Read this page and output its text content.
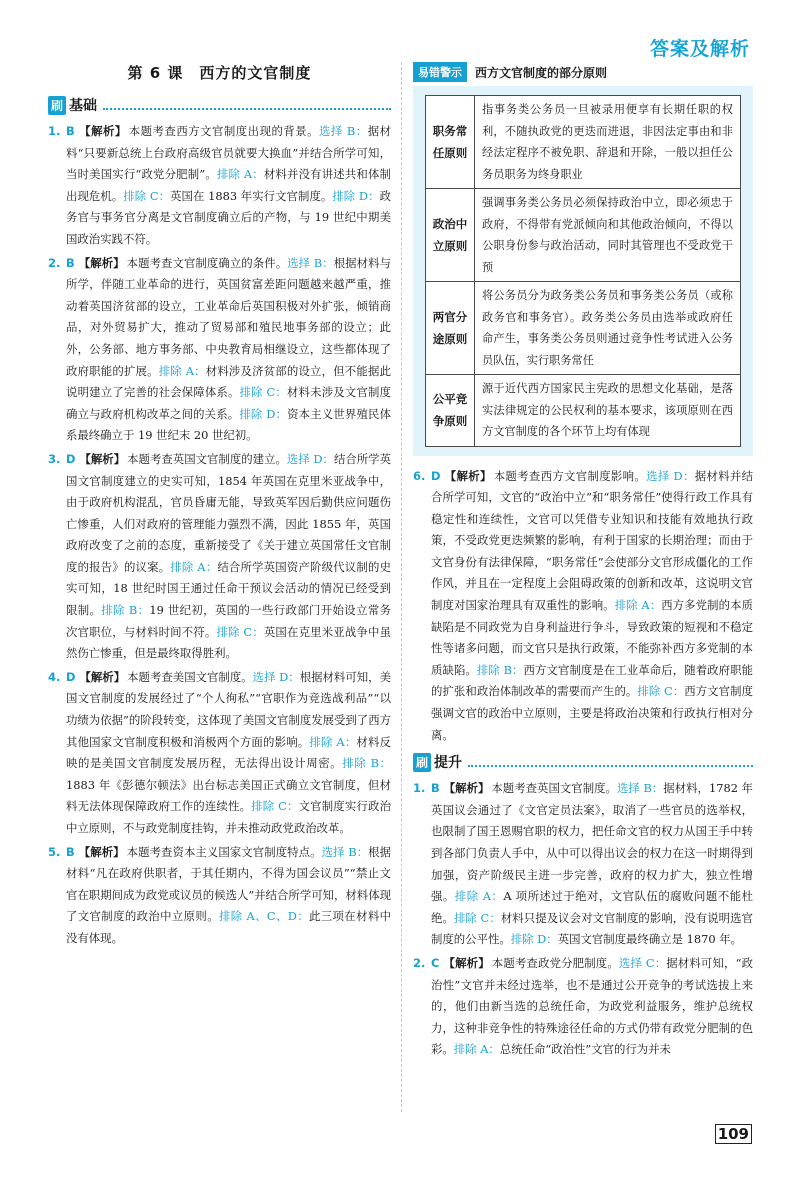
答案及解析
第 6 课　西方的文官制度
刷 基础
1. B 【解析】 本题考查西方文官制度出现的背景。选择 B：据材料“只要新总统上台政府高级官员就要大换血”并结合所学可知，当时美国实行“政党分肥制”。排除 A：材料并没有讲述共和体制出现危机。排除 C：英国在 1883 年实行文官制度。排除 D：政务官与事务官分离是文官制度确立后的产物，与 19 世纪中期美国政治实践不符。
2. B 【解析】 本题考查文官制度确立的条件。选择 B：根据材料与所学，伴随工业革命的进行，英国贫富差距问题越来越严重，推动着英国济贫部的设立，工业革命后英国积极对外扩张，倾销商品，对外贸易扩大，推动了贸易部和殖民地事务部的设立；此外，公务部、地方事务部、中央教育局相继设立，这些都体现了政府职能的扩展。排除 A：材料涉及济贫部的设立，但不能据此说明建立了完善的社会保障体系。排除 C：材料未涉及文官制度确立与政府机构改革之间的关系。排除 D：资本主义世界殖民体系最终确立于 19 世纪末 20 世纪初。
3. D 【解析】 本题考查英国文官制度的建立。选择 D：结合所学英国文官制度建立的史实可知，1854 年英国在克里米亚战争中，由于政府机构混乱，官员昏庸无能，导致英军因后勤供应问题伤亡惨重，人们对政府的管理能力强烈不满，因此 1855 年，英国政府改变了之前的态度，重新接受了《关于建立英国常任文官制度的报告》的议案。排除 A：结合所学英国资产阶级代议制的史实可知，18 世纪时国王通过任命干预议会活动的情况已经受到限制。排除 B：19 世纪初，英国的一些行政部门开始设立常务次官职位，与材料时间不符。排除 C：英国在克里米亚战争中虽然伤亡惨重，但是最终取得胜利。
4. D 【解析】 本题考查美国文官制度。选择 D：根据材料可知，美国文官制度的发展经过了“个人徇私”“官职作为竞选战利品”“以功绩为依据”的阶段转变，这体现了美国文官制度发展受到了西方其他国家文官制度积极和消极两个方面的影响。排除 A：材料反映的是美国文官制度发展历程，无法得出设计周密。排除 B：1883 年《彭德尔顿法》出台标志美国正式确立文官制度，但材料无法体现保障政府工作的连续性。排除 C：文官制度实行政治中立原则，不与政党制度挂钩，并未推动政党政治改革。
5. B 【解析】 本题考查资本主义国家文官制度特点。选择 B：根据材料“凡在政府供职者，于其任期内，不得为国会议员”“禁止文官在职期间成为政党或议员的候选人”并结合所学可知，材料体现了文官制度的政治中立原则。排除 A、C、D：此三项在材料中没有体现。
易错警示	西方文官制度的部分原则
职务常任原则	指事务类公务员一旦被录用便享有长期任职的权利，不随执政党的更迭而进退，非因法定事由和非经法定程序不被免职、辞退和开除，一般以担任公务员职务为终身职业
政治中立原则	强调事务类公务员必须保持政治中立，即必须忠于政府，不得带有党派倾向和其他政治倾向，不得以公职身份参与政治活动，同时其管理也不受政党干预
两官分途原则	将公务员分为政务类公务员和事务类公务员（或称政务官和事务官）。政务类公务员由选举或政府任命产生，事务类公务员则通过竞争性考试进入公务员队伍，实行职务常任
公平竞争原则	源于近代西方国家民主宪政的思想文化基础，是落实法律规定的公民权利的基本要求，该项原则在西方文官制度的各个环节上均有体现
6. D 【解析】 本题考查西方文官制度影响。选择 D：据材料并结合所学可知，文官的“政治中立”和“职务常任”使得行政工作具有稳定性和连续性，文官可以凭借专业知识和技能有效地执行政策，不受政党更迭频繁的影响，有利于国家的长期治理；而由于文官身份有法律保障，“职务常任”会使部分文官形成僵化的工作作风，并且在一定程度上会阻碍政策的创新和改革，这说明文官制度对国家治理具有双重性的影响。排除 A：西方多党制的本质缺陷是不同政党为自身利益进行争斗，导致政策的短视和不稳定性等诸多问题，而文官只是执行政策，不能弥补西方多党制的本质缺陷。排除 B：西方文官制度是在工业革命后，随着政府职能的扩张和政治体制改革的需要而产生的。排除 C：西方文官制度强调文官的政治中立原则，主要是将政治决策和行政执行相对分离。
刷 提升
1. B 【解析】 本题考查英国文官制度。选择 B：据材料，1782 年英国议会通过了《文官定员法案》，取消了一些官员的选举权，也限制了国王恩赐官职的权力，把任命文官的权力从国王手中转到各部门负责人手中，从中可以得出议会的权力在这一时期得到加强，资产阶级民主进一步完善，政府的权力扩大，独立性增强。排除 A：A 项所述过于绝对，文官队伍的腐败问题不能杜绝。排除 C：材料只提及议会对文官制度的影响，没有说明选官制度的公平性。排除 D：英国文官制度最终确立是 1870 年。
2. C 【解析】 本题考查政党分肥制度。选择 C：据材料可知，“政治性”文官并未经过选举，也不是通过公开竞争的考试选拔上来的，他们由新当选的总统任命，为政党利益服务，维护总统权力，这种非竞争性的特殊途径任命的方式仍带有政党分肥制的色彩。排除 A：总统任命“政治性”文官的行为并未
109
